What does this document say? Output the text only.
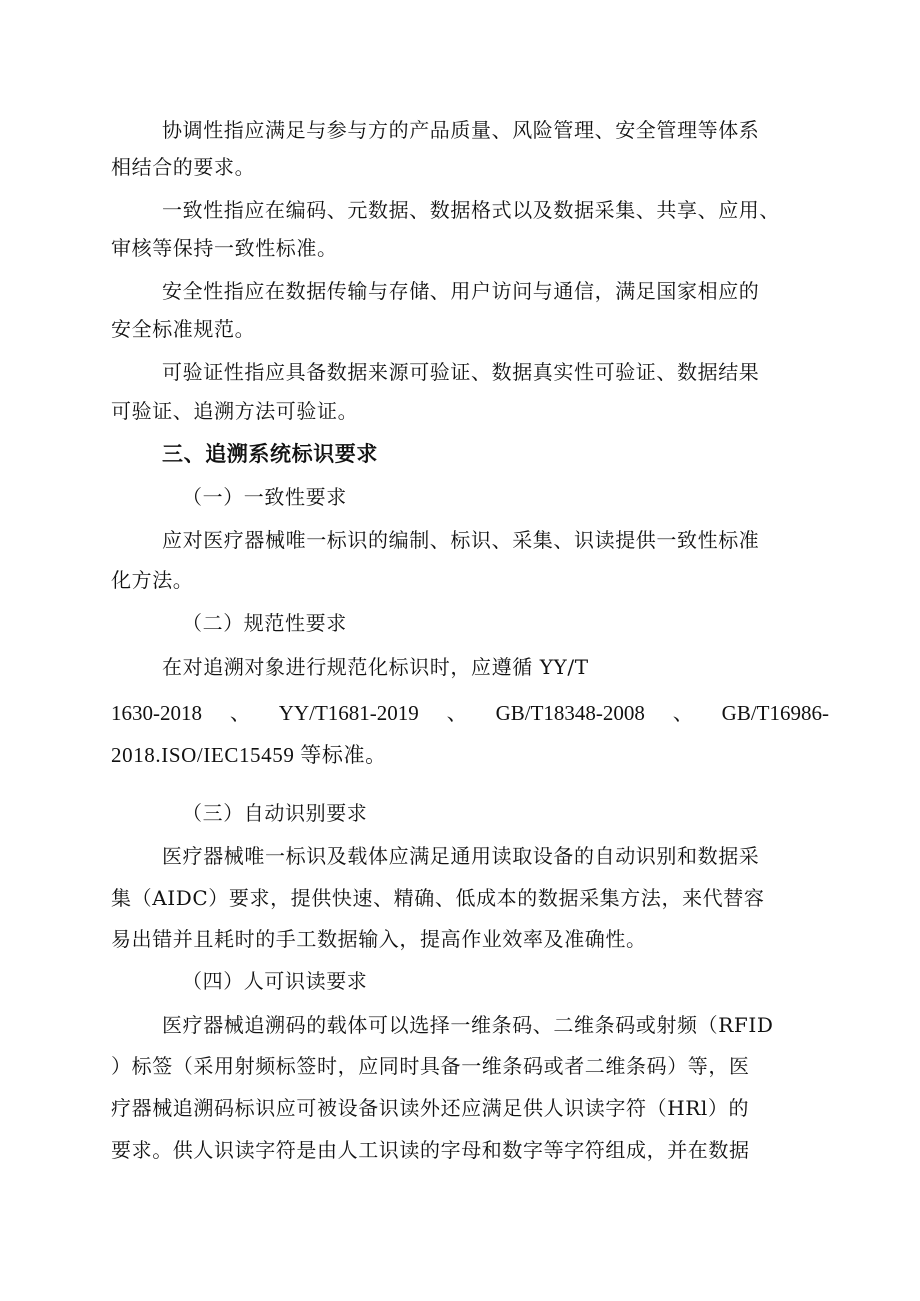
协调性指应满足与参与方的产品质量、风险管理、安全管理等体系
相结合的要求。
一致性指应在编码、元数据、数据格式以及数据采集、共享、应用、
审核等保持一致性标准。
安全性指应在数据传输与存储、用户访问与通信，满足国家相应的
安全标准规范。
可验证性指应具备数据来源可验证、数据真实性可验证、数据结果
可验证、追溯方法可验证。
三、追溯系统标识要求
（一）一致性要求
应对医疗器械唯一标识的编制、标识、采集、识读提供一致性标准
化方法。
（二）规范性要求
在对追溯对象进行规范化标识时，应遵循 YY/T
1630-2018 、 YY/T1681-2019 、 GB/T18348-2008 、 GB/T16986-
2018.ISO/IEC15459 等标准。
（三）自动识别要求
医疗器械唯一标识及载体应满足通用读取设备的自动识别和数据采
集（AIDC）要求，提供快速、精确、低成本的数据采集方法，来代替容
易出错并且耗时的手工数据输入，提高作业效率及准确性。
（四）人可识读要求
医疗器械追溯码的载体可以选择一维条码、二维条码或射频（RFID
）标签（采用射频标签时，应同时具备一维条码或者二维条码）等，医
疗器械追溯码标识应可被设备识读外还应满足供人识读字符（HRl）的
要求。供人识读字符是由人工识读的字母和数字等字符组成，并在数据
